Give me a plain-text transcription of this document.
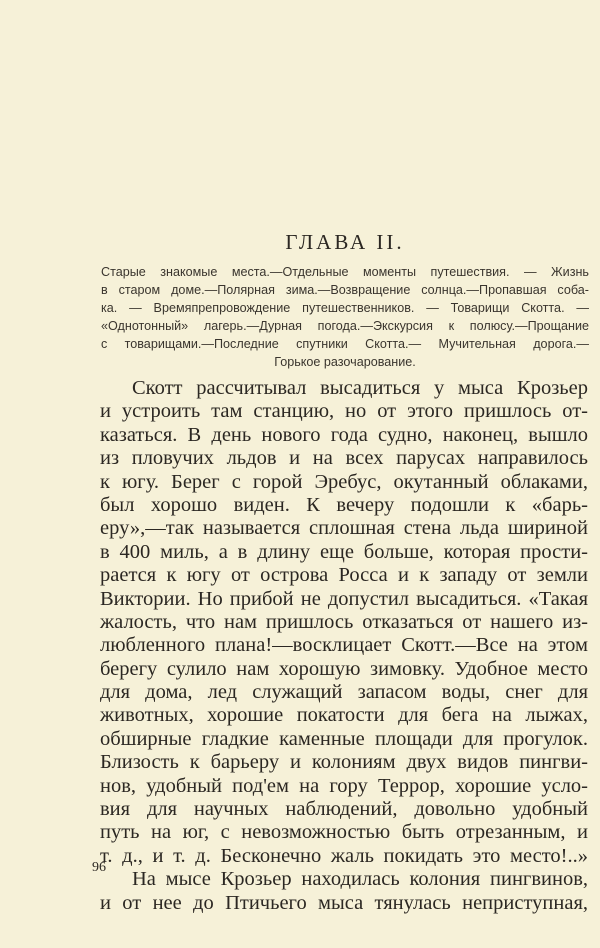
ГЛАВА II.
Старые знакомые места.—Отдельные моменты путешествия. — Жизнь
в старом доме.—Полярная зима.—Возвращение солнца.—Пропавшая соба-
ка. — Времяпрепровождение путешественников. — Товарищи Скотта. —
«Однотонный» лагерь.—Дурная погода.—Экскурсия к полюсу.—Прощание
с товарищами.—Последние спутники Скотта.— Мучительная дорога.—
Горькое разочарование.
Скотт рассчитывал высадиться у мыса Крозьер
и устроить там станцию, но от этого пришлось от-
казаться. В день нового года судно, наконец, вышло
из пловучих льдов и на всех парусах направилось
к югу. Берег с горой Эребус, окутанный облаками,
был хорошо виден. К вечеру подошли к «барь-
еру»,—так называется сплошная стена льда шириной
в 400 миль, а в длину еще больше, которая прости-
рается к югу от острова Росса и к западу от земли
Виктории. Но прибой не допустил высадиться. «Такая
жалость, что нам пришлось отказаться от нашего из-
любленного плана!—восклицает Скотт.—Все на этом
берегу сулило нам хорошую зимовку. Удобное место
для дома, лед служащий запасом воды, снег для
животных, хорошие покатости для бега на лыжах,
обширные гладкие каменные площади для прогулок.
Близость к барьеру и колониям двух видов пингви-
нов, удобный под'ем на гору Террор, хорошие усло-
вия для научных наблюдений, довольно удобный
путь на юг, с невозможностью быть отрезанным, и
т. д., и т. д. Бесконечно жаль покидать это место!..»
На мысе Крозьер находилась колония пингвинов,
и от нее до Птичьего мыса тянулась неприступная,
96
